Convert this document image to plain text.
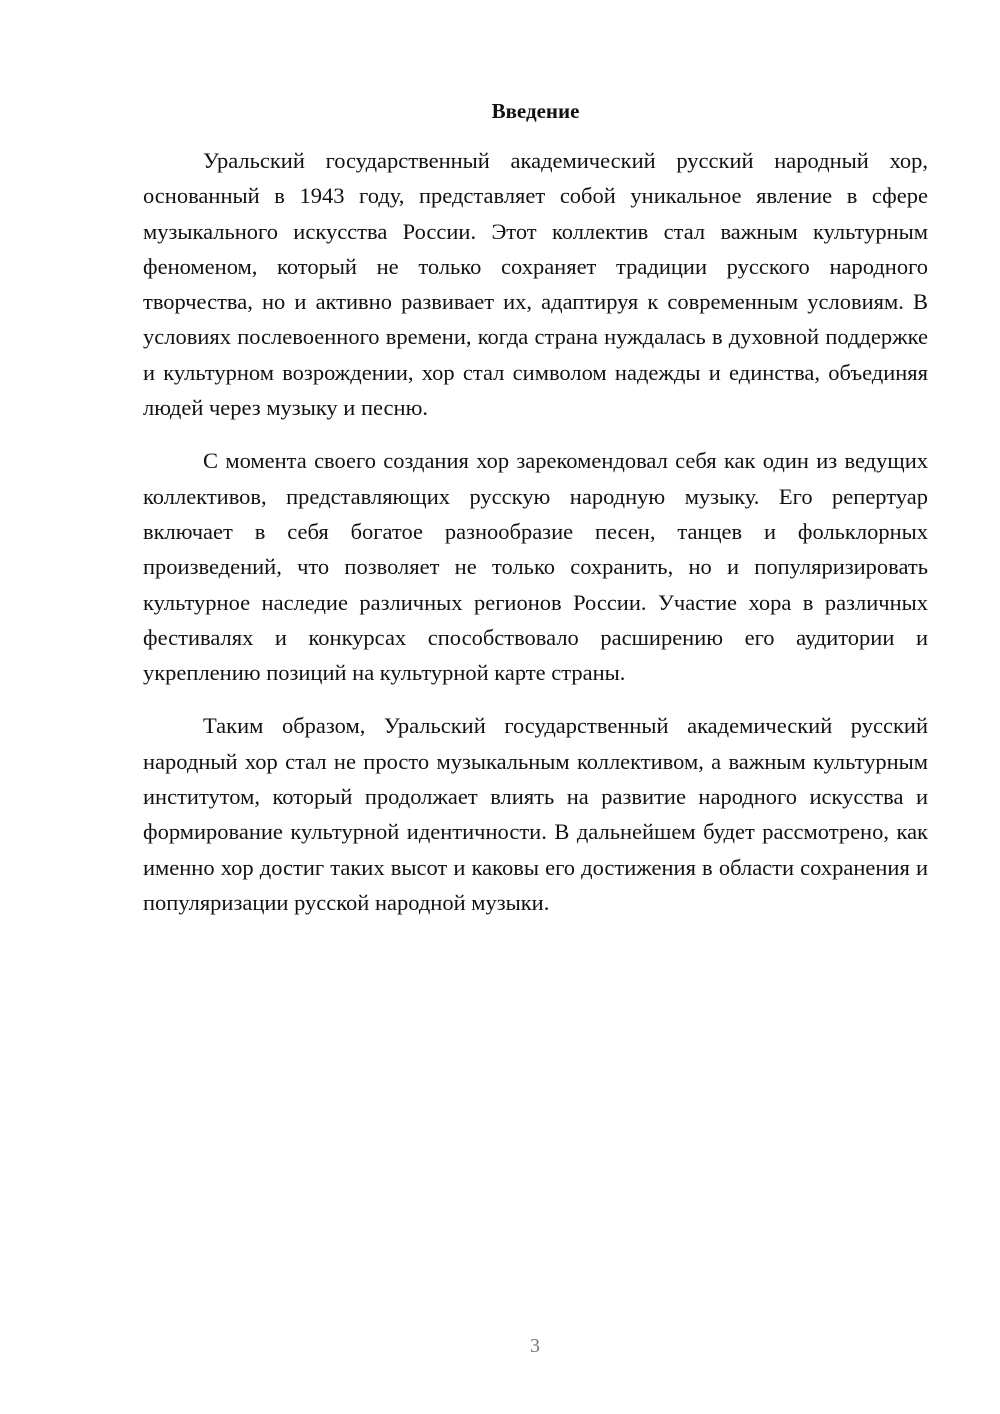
Введение

Уральский государственный академический русский народный хор, основанный в 1943 году, представляет собой уникальное явление в сфере музыкального искусства России. Этот коллектив стал важным культурным феноменом, который не только сохраняет традиции русского народного творчества, но и активно развивает их, адаптируя к современным условиям. В условиях послевоенного времени, когда страна нуждалась в духовной поддержке и культурном возрождении, хор стал символом надежды и единства, объединяя людей через музыку и песню.

С момента своего создания хор зарекомендовал себя как один из ведущих коллективов, представляющих русскую народную музыку. Его репертуар включает в себя богатое разнообразие песен, танцев и фольклорных произведений, что позволяет не только сохранить, но и популяризировать культурное наследие различных регионов России. Участие хора в различных фестивалях и конкурсах способствовало расширению его аудитории и укреплению позиций на культурной карте страны.

Таким образом, Уральский государственный академический русский народный хор стал не просто музыкальным коллективом, а важным культурным институтом, который продолжает влиять на развитие народного искусства и формирование культурной идентичности. В дальнейшем будет рассмотрено, как именно хор достиг таких высот и каковы его достижения в области сохранения и популяризации русской народной музыки.

3
